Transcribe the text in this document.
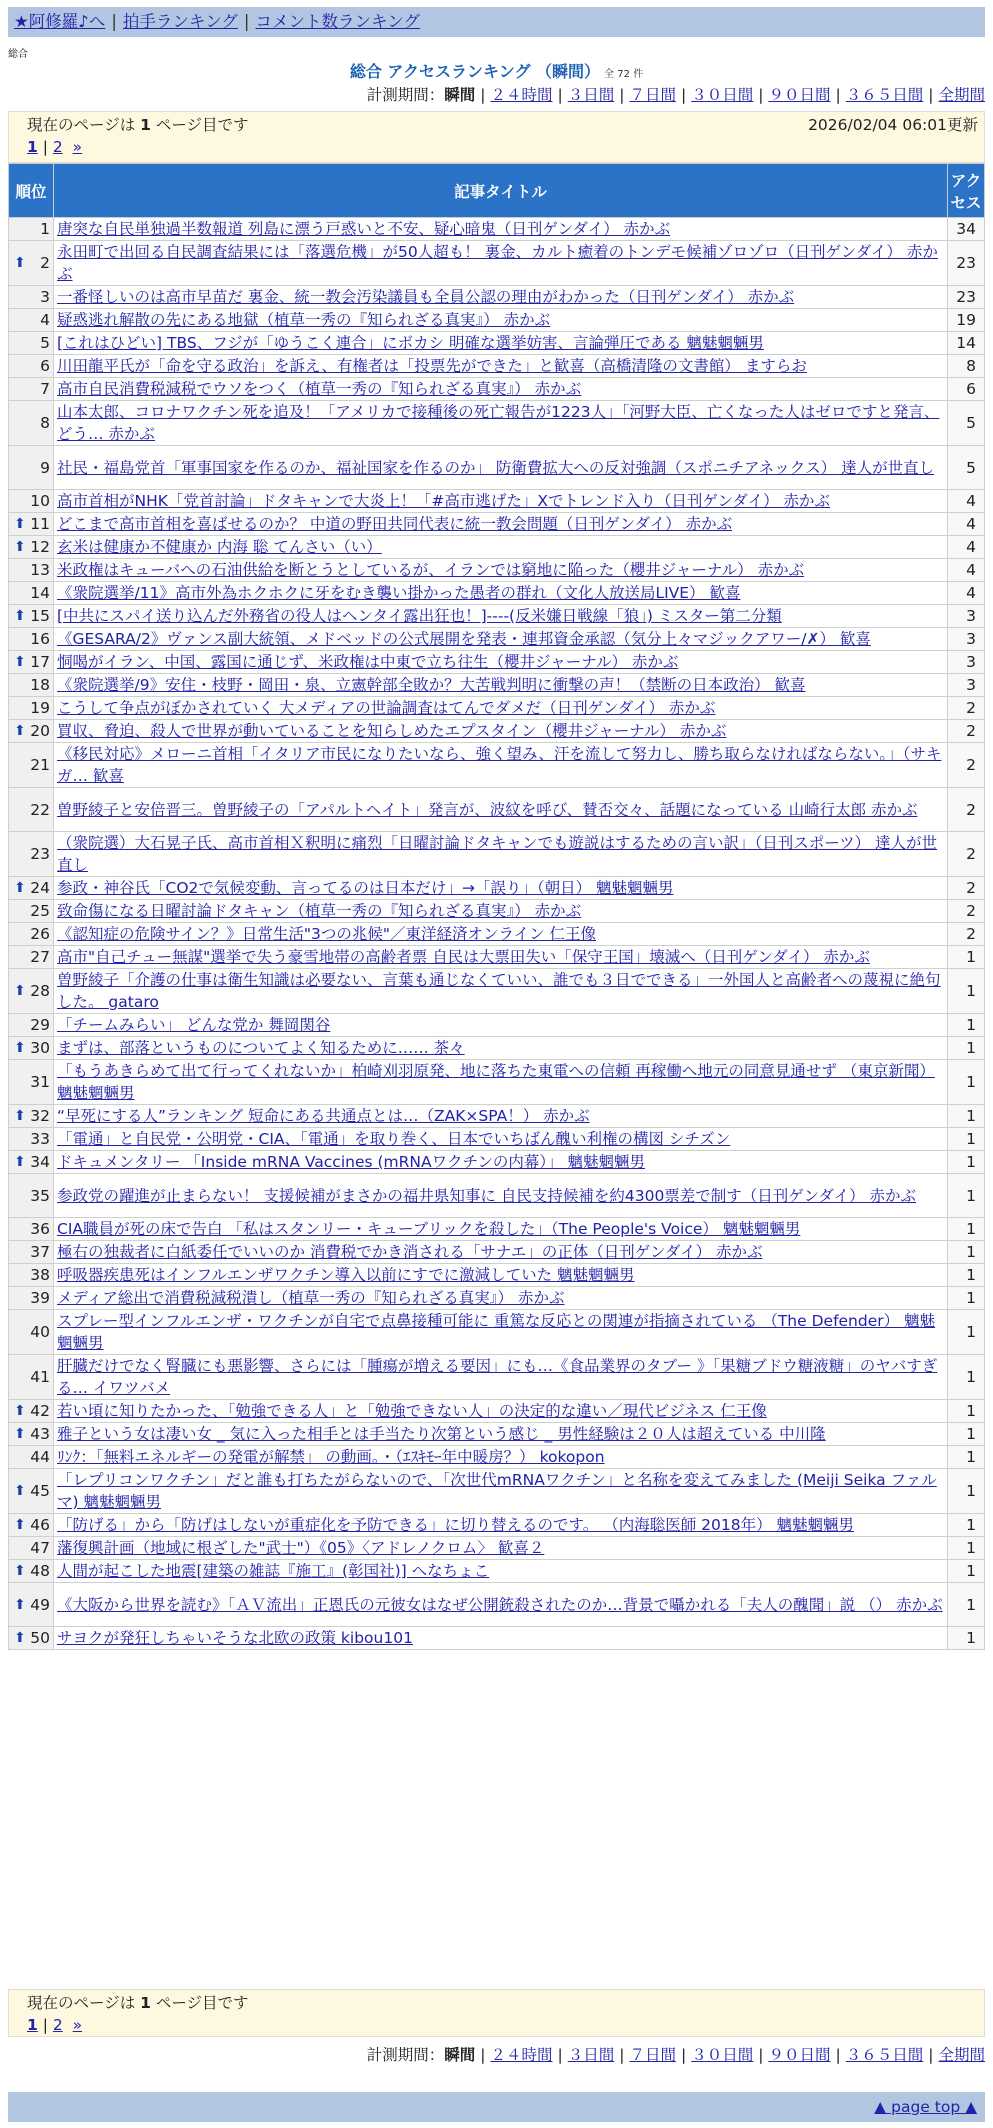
★阿修羅♪へ | 拍手ランキング | コメント数ランキング
総合
総合 アクセスランキング （瞬間） 全 72 件
計測期間：瞬間 | ２４時間 | ３日間 | ７日間 | ３０日間 | ９０日間 | ３６５日間 | 全期間
現在のページは 1 ページ目です	2026/02/04 06:01更新
1 | 2 »
順位	記事タイトル	アクセス
1	唐突な自民単独過半数報道 列島に漂う戸惑いと不安、疑心暗鬼（日刊ゲンダイ） 赤かぶ	34

⬆ 2	永田町で出回る自民調査結果には「落選危機」が50人超も！ 裏金、カルト癒着のトンデモ候補ゾロゾロ（日刊ゲンダイ） 赤かぶ	23
3	一番怪しいのは高市早苗だ 裏金、統一教会汚染議員も全員公認の理由がわかった（日刊ゲンダイ） 赤かぶ	23
4	疑惑逃れ解散の先にある地獄（植草一秀の『知られざる真実』） 赤かぶ	19
5	[これはひどい] TBS、フジが「ゆうこく連合」にボカシ 明確な選挙妨害、言論弾圧である 魑魅魍魎男	14
6	川田龍平氏が「命を守る政治」を訴え、有権者は「投票先ができた」と歓喜（高橋清隆の文書館） ますらお	8
7	高市自民消費税減税でウソをつく（植草一秀の『知られざる真実』） 赤かぶ	6
8	山本太郎、コロナワクチン死を追及！「アメリカで接種後の死亡報告が1223人」「河野大臣、亡くなった人はゼロですと発言、どう… 赤かぶ	5
9	社民・福島党首「軍事国家を作るのか、福祉国家を作るのか」 防衛費拡大への反対強調（スポニチアネックス） 達人が世直し	5
10	高市首相がNHK「党首討論」ドタキャンで大炎上！「#高市逃げた」Xでトレンド入り（日刊ゲンダイ） 赤かぶ	4

⬆ 11	どこまで高市首相を喜ばせるのか？ 中道の野田共同代表に統一教会問題（日刊ゲンダイ） 赤かぶ	4

⬆ 12	玄米は健康か不健康か 内海 聡 てんさい（い）	4
13	米政権はキューバへの石油供給を断とうとしているが、イランでは窮地に陥った（櫻井ジャーナル） 赤かぶ	4
14	《衆院選挙/11》高市外為ホクホクに牙をむき襲い掛かった愚者の群れ（文化人放送局LIVE） 歓喜	4

⬆ 15	[中共にスパイ送り込んだ外務省の役人はヘンタイ露出狂也！]----(反米嫌日戦線「狼」) ミスター第二分類	3
16	《GESARA/2》ヴァンス副大統領、メドベッドの公式展開を発表・連邦資金承認（気分上々マジックアワー/✗） 歓喜	3

⬆ 17	恫喝がイラン、中国、露国に通じず、米政権は中東で立ち往生（櫻井ジャーナル） 赤かぶ	3
18	《衆院選挙/9》安住・枝野・岡田・泉、立憲幹部全敗か？大苦戦判明に衝撃の声！（禁断の日本政治） 歓喜	3
19	こうして争点がぼかされていく 大メディアの世論調査はてんでダメだ（日刊ゲンダイ） 赤かぶ	2

⬆ 20	買収、脅迫、殺人で世界が動いていることを知らしめたエプスタイン（櫻井ジャーナル） 赤かぶ	2
21	《移民対応》メローニ首相「イタリア市民になりたいなら、強く望み、汗を流して努力し、勝ち取らなければならない。」（サキガ… 歓喜	2
22	曽野綾子と安倍晋三。曽野綾子の「アパルトヘイト」発言が、波紋を呼び、賛否交々、話題になっている 山崎行太郎 赤かぶ	2
23	（衆院選）大石晃子氏、高市首相Ｘ釈明に痛烈「日曜討論ドタキャンでも遊説はするための言い訳」（日刊スポーツ） 達人が世直し	2

⬆ 24	参政・神谷氏「CO2で気候変動、言ってるのは日本だけ」→「誤り」（朝日） 魑魅魍魎男	2
25	致命傷になる日曜討論ドタキャン（植草一秀の『知られざる真実』） 赤かぶ	2
26	《認知症の危険サイン？》日常生活"3つの兆候"／東洋経済オンライン 仁王像	2
27	高市"自己チュー無謀"選挙で失う豪雪地帯の高齢者票 自民は大票田失い「保守王国」壊滅へ（日刊ゲンダイ） 赤かぶ	1

⬆ 28	曽野綾子「介護の仕事は衛生知識は必要ない、言葉も通じなくていい、誰でも３日でできる」一外国人と高齢者への蔑視に絶句した。 gataro	1
29	「チームみらい」 どんな党か 舞岡関谷	1

⬆ 30	まずは、部落というものについてよく知るために…… 茶々	1
31	「もうあきらめて出て行ってくれないか」柏崎刈羽原発、地に落ちた東電への信頼 再稼働へ地元の同意見通せず （東京新聞） 魑魅魍魎男	1

⬆ 32	“早死にする人”ランキング 短命にある共通点とは…（ZAK×SPA！） 赤かぶ	1
33	「電通」と自民党・公明党・CIA、「電通」を取り巻く、日本でいちばん醜い利権の構図 シチズン	1

⬆ 34	ドキュメンタリー 「Inside mRNA Vaccines (mRNAワクチンの内幕）」 魑魅魍魎男	1
35	参政党の躍進が止まらない！ 支援候補がまさかの福井県知事に 自民支持候補を約4300票差で制す（日刊ゲンダイ） 赤かぶ	1
36	CIA職員が死の床で告白 「私はスタンリー・キューブリックを殺した」（The People's Voice） 魑魅魍魎男	1
37	極右の独裁者に白紙委任でいいのか 消費税でかき消される「サナエ」の正体（日刊ゲンダイ） 赤かぶ	1
38	呼吸器疾患死はインフルエンザワクチン導入以前にすでに激減していた 魑魅魍魎男	1
39	メディア総出で消費税減税潰し（植草一秀の『知られざる真実』） 赤かぶ	1
40	スプレー型インフルエンザ・ワクチンが自宅で点鼻接種可能に 重篤な反応との関連が指摘されている （The Defender） 魑魅魍魎男	1
41	肝臓だけでなく腎臓にも悪影響、さらには「腫瘍が増える要因」にも…《食品業界のタブー 》「果糖ブドウ糖液糖」のヤバすぎる… イワツバメ	1

⬆ 42	若い頃に知りたかった、「勉強できる人」と「勉強できない人」の決定的な違い／現代ビジネス 仁王像	1

⬆ 43	雅子という女は凄い女 _ 気に入った相手とは手当たり次第という感じ _ 男性経験は２０人は超えている 中川隆	1
44	ﾘﾝｸ：「無料エネルギーの発電が解禁」 の動画。・（ｴｽｷﾓｰ年中暖房？） kokopon	1

⬆ 45	「レプリコンワクチン」だと誰も打ちたがらないので、「次世代mRNAワクチン」と名称を変えてみました (Meiji Seika ファルマ) 魑魅魍魎男	1

⬆ 46	「防げる」から「防げはしないが重症化を予防できる」に切り替えるのです。 （内海聡医師 2018年） 魑魅魍魎男	1
47	藩復興計画（地域に根ざした"武士"）《05》〈アドレノクロム〉 歓喜２	1

⬆ 48	人間が起こした地震[建築の雑誌『施工』(彰国社)] へなちょこ	1

⬆ 49	《大阪から世界を読む》「ＡＶ流出」正恩氏の元彼女はなぜ公開銃殺されたのか…背景で囁かれる「夫人の醜聞」説 （） 赤かぶ	1

⬆ 50	サヨクが発狂しちゃいそうな北欧の政策 kibou101	1
現在のページは 1 ページ目です
1 | 2 »
計測期間：瞬間 | ２４時間 | ３日間 | ７日間 | ３０日間 | ９０日間 | ３６５日間 | 全期間
▲ page top ▲
